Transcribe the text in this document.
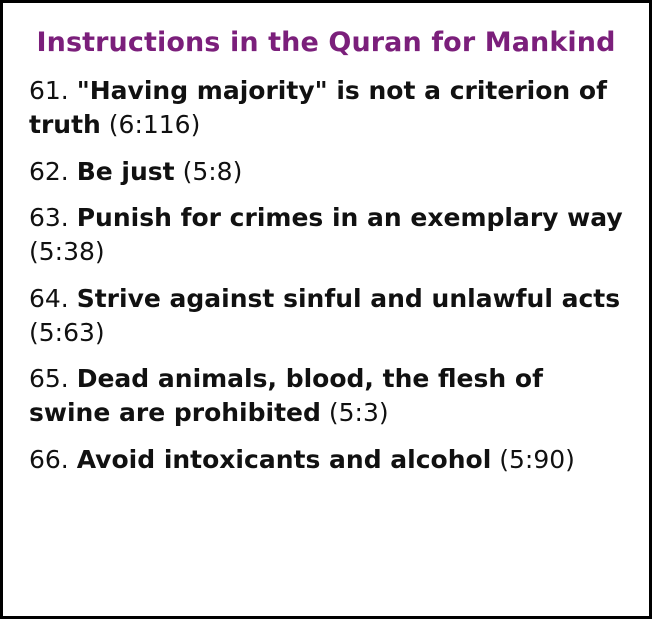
Instructions in the Quran for Mankind
61. "Having majority" is not a criterion of truth (6:116)
62. Be just (5:8)
63. Punish for crimes in an exemplary way (5:38)
64. Strive against sinful and unlawful acts (5:63)
65. Dead animals, blood, the flesh of swine are prohibited (5:3)
66. Avoid intoxicants and alcohol (5:90)
